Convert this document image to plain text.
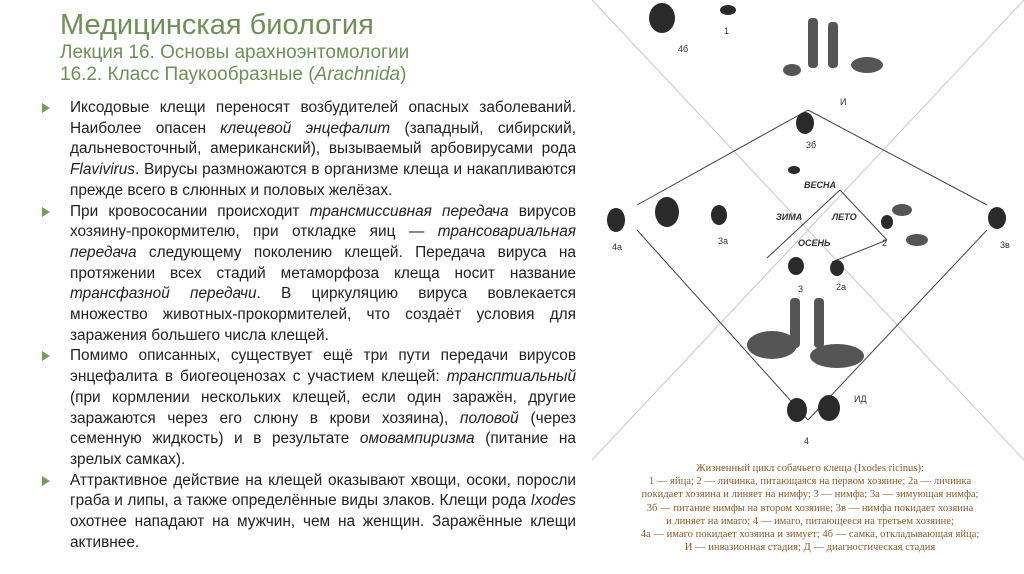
Медицинская биология
Лекция 16. Основы арахноэнтомологии
16.2. Класс Паукообразные (Arachnida)
Иксодовые клещи переносят возбудителей опасных заболеваний. Наиболее опасен клещевой энцефалит (западный, сибирский, дальневосточный, американский), вызываемый арбовирусами рода Flavivirus. Вирусы размножаются в организме клеща и накапливаются прежде всего в слюнных и половых желёзах.
При кровососании происходит трансмиссивная передача вирусов хозяину-прокормителю, при откладке яиц — трансовариальная передача следующему поколению клещей. Передача вируса на протяжении всех стадий метаморфоза клеща носит название трансфазной передачи. В циркуляцию вируса вовлекается множество животных-прокормителей, что создаёт условия для заражения большего числа клещей.
Помимо описанных, существует ещё три пути передачи вирусов энцефалита в биогеоценозах с участием клещей: трансптиальный (при кормлении нескольких клещей, если один заражён, другие заражаются через его слюну в крови хозяина), половой (через семенную жидкость) и в результате омовампиризма (питание на зрелых самках).
Аттрактивное действие на клещей оказывают хвощи, осоки, поросли граба и липы, а также определённые виды злаков. Клещи рода Ixodes охотнее нападают на мужчин, чем на женщин. Заражённые клещи активнее.
1
4б
И
3б
ВЕСНА
ЗИМА	ЛЕТО
ОСЕНЬ
4а
3а	3в
2
2а
3
4
ИД
Жизненный цикл собачьего клеща (Ixodes ricinus):
1 — яйца; 2 — личинка, питающаяся на первом хозяине; 2а — личинка
покидает хозяина и линяет на нимфу; 3 — нимфа; 3а — зимующая нимфа;
3б — питание нимфы на втором хозяине; 3в — нимфа покидает хозяина
и линяет на имаго; 4 — имаго, питающееся на третьем хозяине;
4а — имаго покидает хозяина и зимует; 4б — самка, откладывающая яйца;
И — инвазионная стадия; Д — диагностическая стадия
